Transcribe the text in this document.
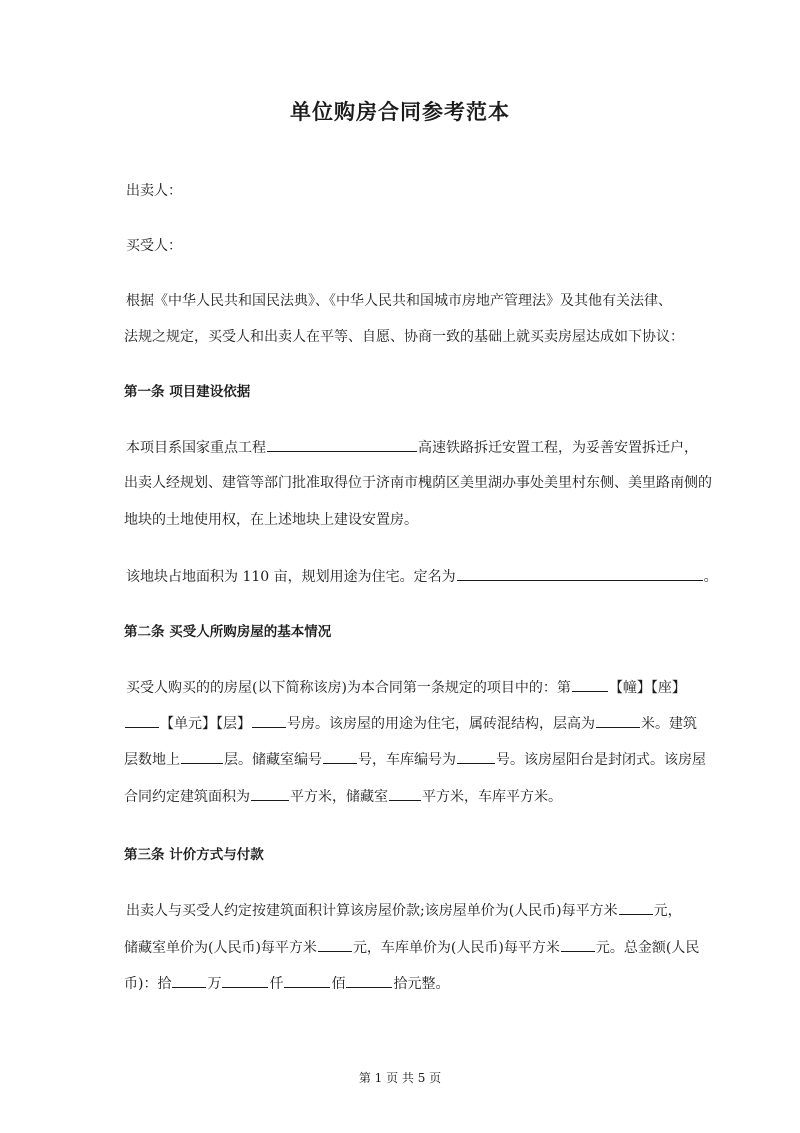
单位购房合同参考范本
出卖人：
买受人：
根据《中华人民共和国民法典》、《中华人民共和国城市房地产管理法》及其他有关法律、
法规之规定，买受人和出卖人在平等、自愿、协商一致的基础上就买卖房屋达成如下协议：
第一条 项目建设依据
本项目系国家重点工程	高速铁路拆迁安置工程，为妥善安置拆迁户，
出卖人经规划、建管等部门批准取得位于济南市槐荫区美里湖办事处美里村东侧、美里路南侧的
地块的土地使用权，在上述地块上建设安置房。
该地块占地面积为 110 亩，规划用途为住宅。定名为	。
第二条 买受人所购房屋的基本情况
买受人购买的的房屋(以下简称该房)为本合同第一条规定的项目中的：第	【幢】【座】
【单元】【层】	号房。该房屋的用途为住宅，属砖混结构，层高为	米。建筑
层数地上	层。储藏室编号	号，车库编号为	号。该房屋阳台是封闭式。该房屋
合同约定建筑面积为	平方米，储藏室 平方米，车库平方米。
第三条 计价方式与付款
出卖人与买受人约定按建筑面积计算该房屋价款;该房屋单价为(人民币)每平方米	元，
储藏室单价为(人民币)每平方米	元，车库单价为(人民币)每平方米	元。总金额(人民
币)：拾	万	仟	佰	拾元整。
第 1 页 共 5 页
